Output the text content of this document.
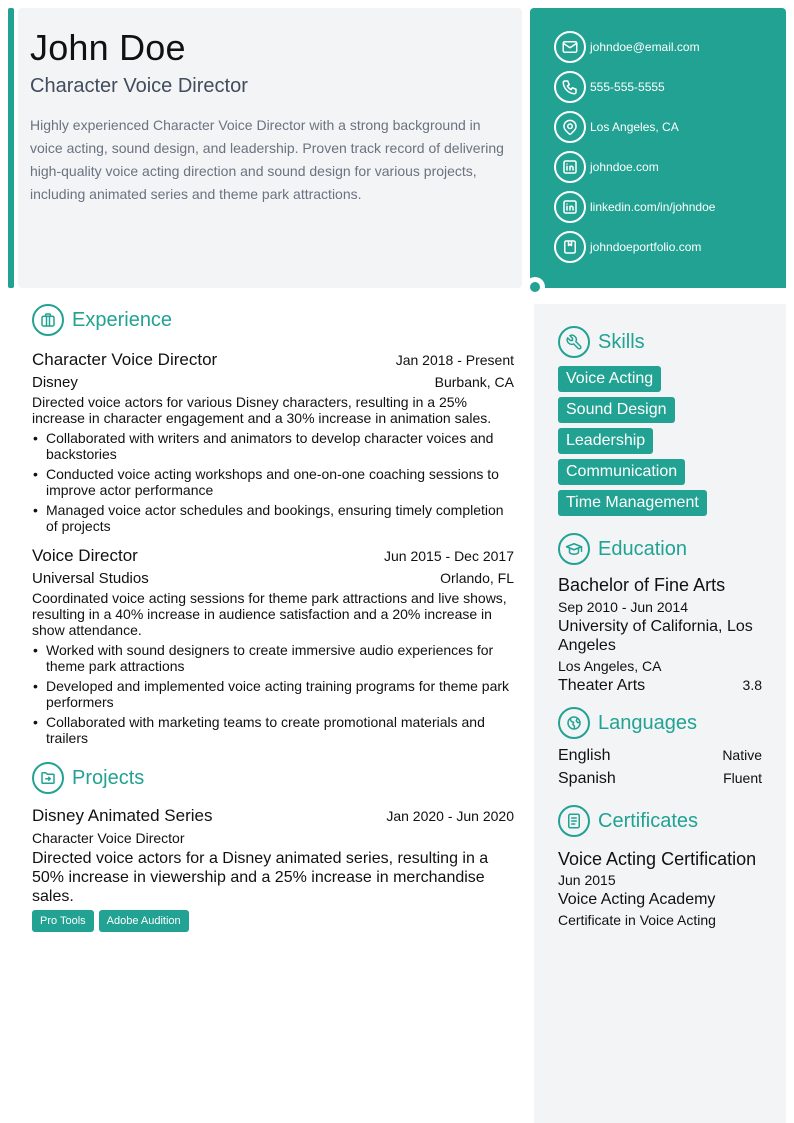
John Doe
Character Voice Director
Highly experienced Character Voice Director with a strong background in voice acting, sound design, and leadership. Proven track record of delivering high-quality voice acting direction and sound design for various projects, including animated series and theme park attractions.
johndoe@email.com
555-555-5555
Los Angeles, CA
johndoe.com
linkedin.com/in/johndoe
johndoeportfolio.com
Experience
Character Voice Director	Jan 2018 - Present
Disney	Burbank, CA
Directed voice actors for various Disney characters, resulting in a 25% increase in character engagement and a 30% increase in animation sales.
• Collaborated with writers and animators to develop character voices and backstories
• Conducted voice acting workshops and one-on-one coaching sessions to improve actor performance
• Managed voice actor schedules and bookings, ensuring timely completion of projects
Voice Director	Jun 2015 - Dec 2017
Universal Studios	Orlando, FL
Coordinated voice acting sessions for theme park attractions and live shows, resulting in a 40% increase in audience satisfaction and a 20% increase in show attendance.
• Worked with sound designers to create immersive audio experiences for theme park attractions
• Developed and implemented voice acting training programs for theme park performers
• Collaborated with marketing teams to create promotional materials and trailers
Projects
Disney Animated Series	Jan 2020 - Jun 2020
Character Voice Director
Directed voice actors for a Disney animated series, resulting in a 50% increase in viewership and a 25% increase in merchandise sales.
Pro Tools Adobe Audition
Skills
Voice Acting
Sound Design
Leadership
Communication
Time Management
Education
Bachelor of Fine Arts
Sep 2010 - Jun 2014
University of California, Los Angeles
Los Angeles, CA
Theater Arts	3.8
Languages
English	Native
Spanish	Fluent
Certificates
Voice Acting Certification
Jun 2015
Voice Acting Academy
Certificate in Voice Acting
